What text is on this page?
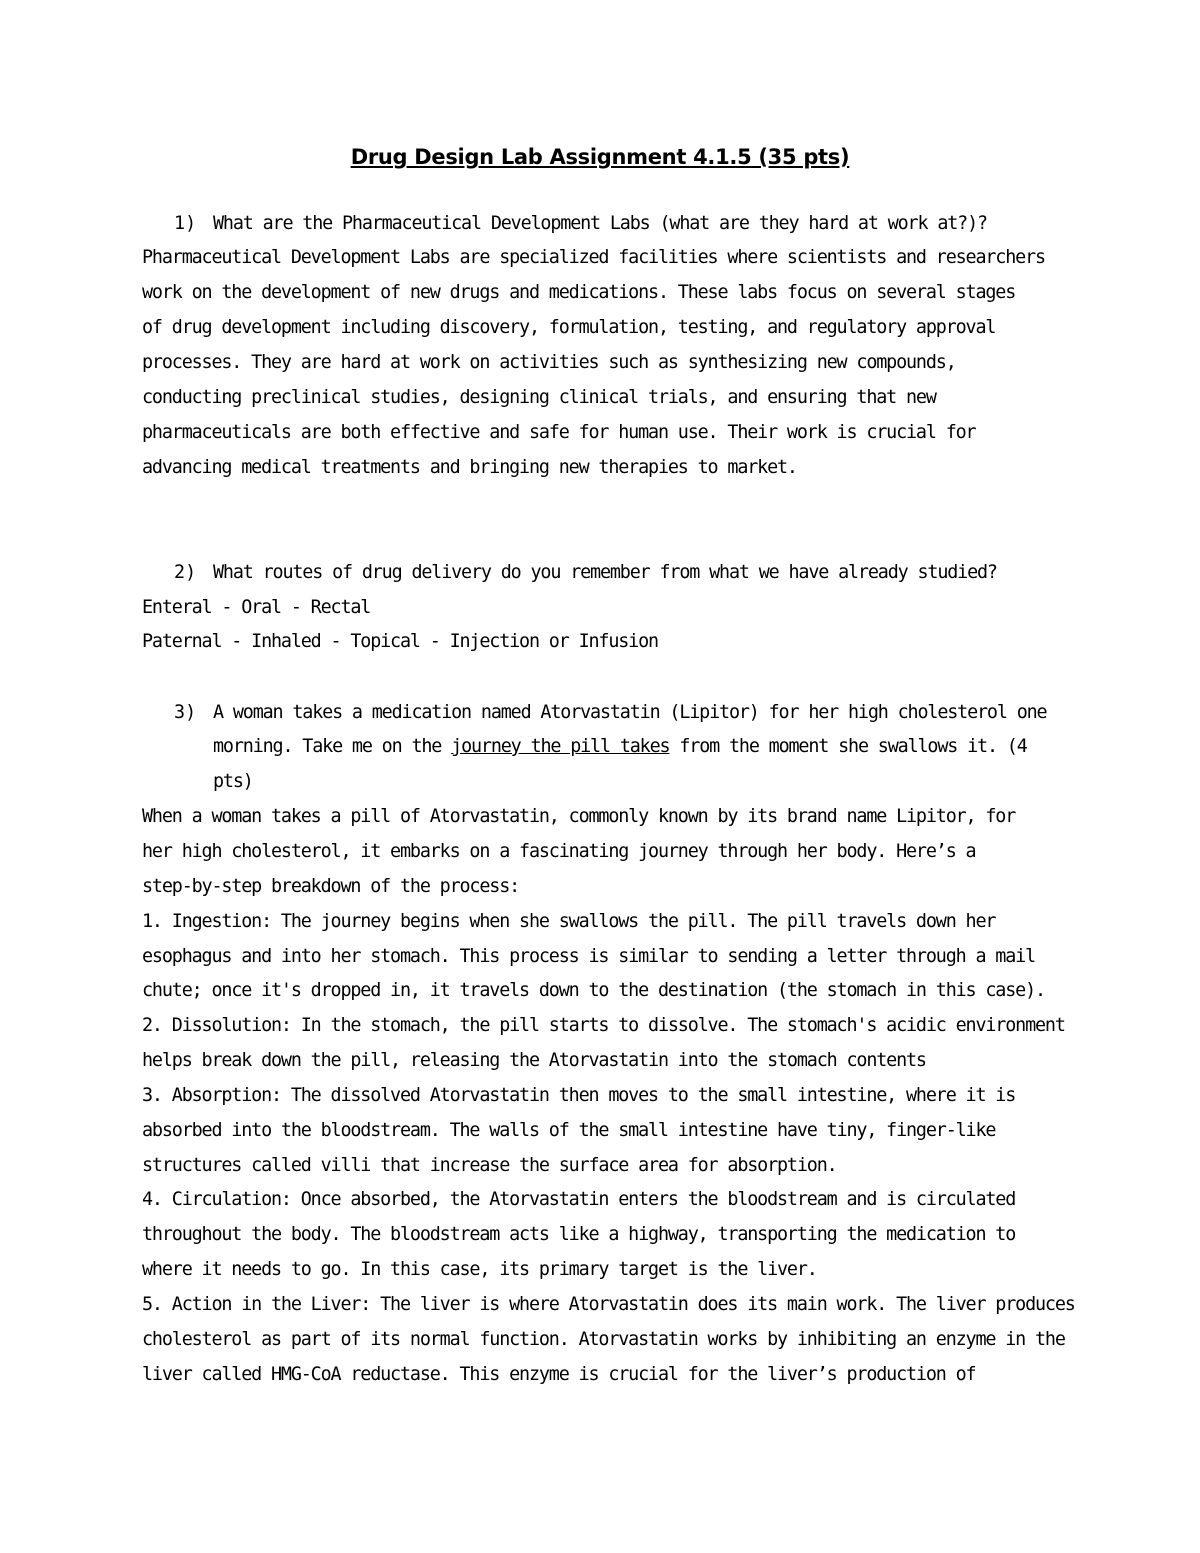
Drug Design Lab Assignment 4.1.5 (35 pts)
1) What are the Pharmaceutical Development Labs (what are they hard at work at?)?
Pharmaceutical Development Labs are specialized facilities where scientists and researchers
work on the development of new drugs and medications. These labs focus on several stages
of drug development including discovery, formulation, testing, and regulatory approval
processes. They are hard at work on activities such as synthesizing new compounds,
conducting preclinical studies, designing clinical trials, and ensuring that new
pharmaceuticals are both effective and safe for human use. Their work is crucial for
advancing medical treatments and bringing new therapies to market.
2) What routes of drug delivery do you remember from what we have already studied?
Enteral - Oral - Rectal
Paternal - Inhaled - Topical - Injection or Infusion
3) A woman takes a medication named Atorvastatin (Lipitor) for her high cholesterol one
morning. Take me on the journey the pill takes from the moment she swallows it. (4
pts)
When a woman takes a pill of Atorvastatin, commonly known by its brand name Lipitor, for
her high cholesterol, it embarks on a fascinating journey through her body. Here’s a
step-by-step breakdown of the process:
1. Ingestion: The journey begins when she swallows the pill. The pill travels down her
esophagus and into her stomach. This process is similar to sending a letter through a mail
chute; once it's dropped in, it travels down to the destination (the stomach in this case).
2. Dissolution: In the stomach, the pill starts to dissolve. The stomach's acidic environment
helps break down the pill, releasing the Atorvastatin into the stomach contents
3. Absorption: The dissolved Atorvastatin then moves to the small intestine, where it is
absorbed into the bloodstream. The walls of the small intestine have tiny, finger-like
structures called villi that increase the surface area for absorption.
4. Circulation: Once absorbed, the Atorvastatin enters the bloodstream and is circulated
throughout the body. The bloodstream acts like a highway, transporting the medication to
where it needs to go. In this case, its primary target is the liver.
5. Action in the Liver: The liver is where Atorvastatin does its main work. The liver produces
cholesterol as part of its normal function. Atorvastatin works by inhibiting an enzyme in the
liver called HMG-CoA reductase. This enzyme is crucial for the liver’s production of
